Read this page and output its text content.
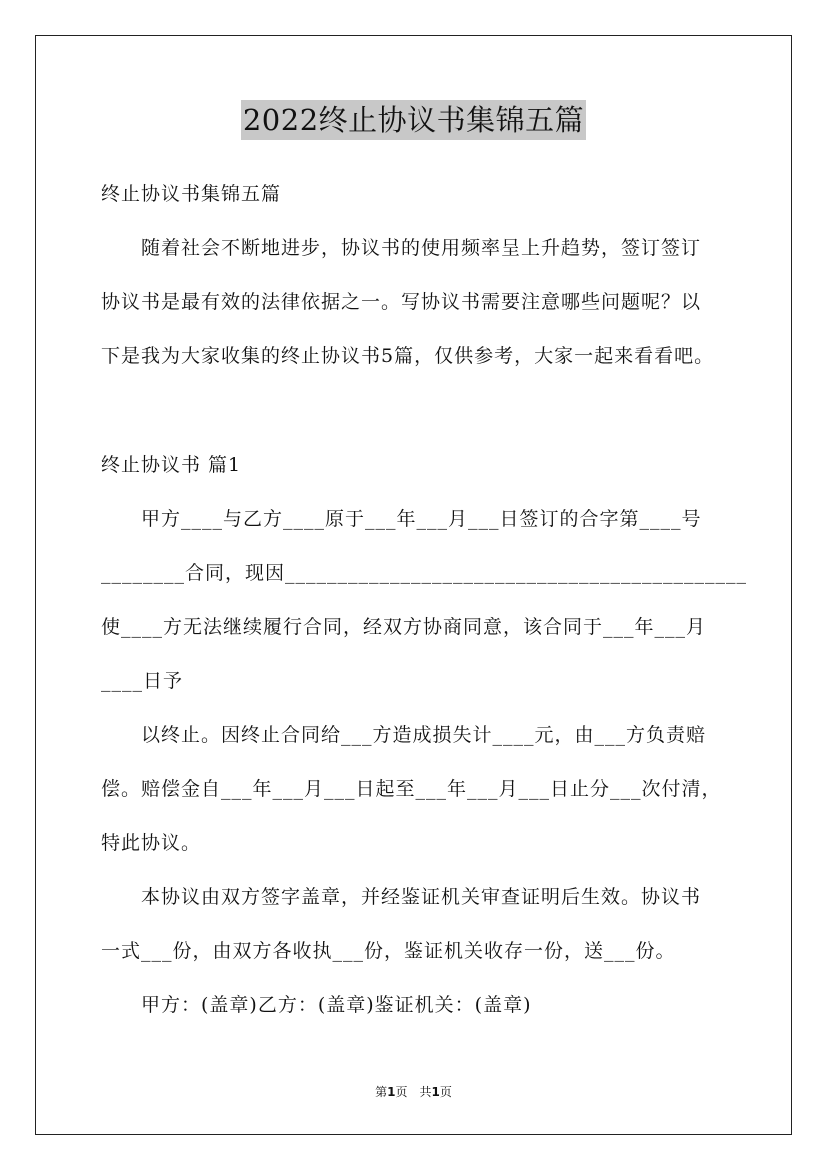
2022终止协议书集锦五篇
终止协议书集锦五篇
　　随着社会不断地进步，协议书的使用频率呈上升趋势，签订签订
协议书是最有效的法律依据之一。写协议书需要注意哪些问题呢？以
下是我为大家收集的终止协议书5篇，仅供参考，大家一起来看看吧。
终止协议书 篇1
　　甲方____与乙方____原于___年___月___日签订的合字第____号
________合同，现因____________________________________________
使____方无法继续履行合同，经双方协商同意，该合同于___年___月
____日予
　　以终止。因终止合同给___方造成损失计____元，由___方负责赔
偿。赔偿金自___年___月___日起至___年___月___日止分___次付清，
特此协议。
　　本协议由双方签字盖章，并经鉴证机关审查证明后生效。协议书
一式___份，由双方各收执___份，鉴证机关收存一份，送___份。
　　甲方：(盖章)乙方：(盖章)鉴证机关：(盖章)
第1页　共1页
